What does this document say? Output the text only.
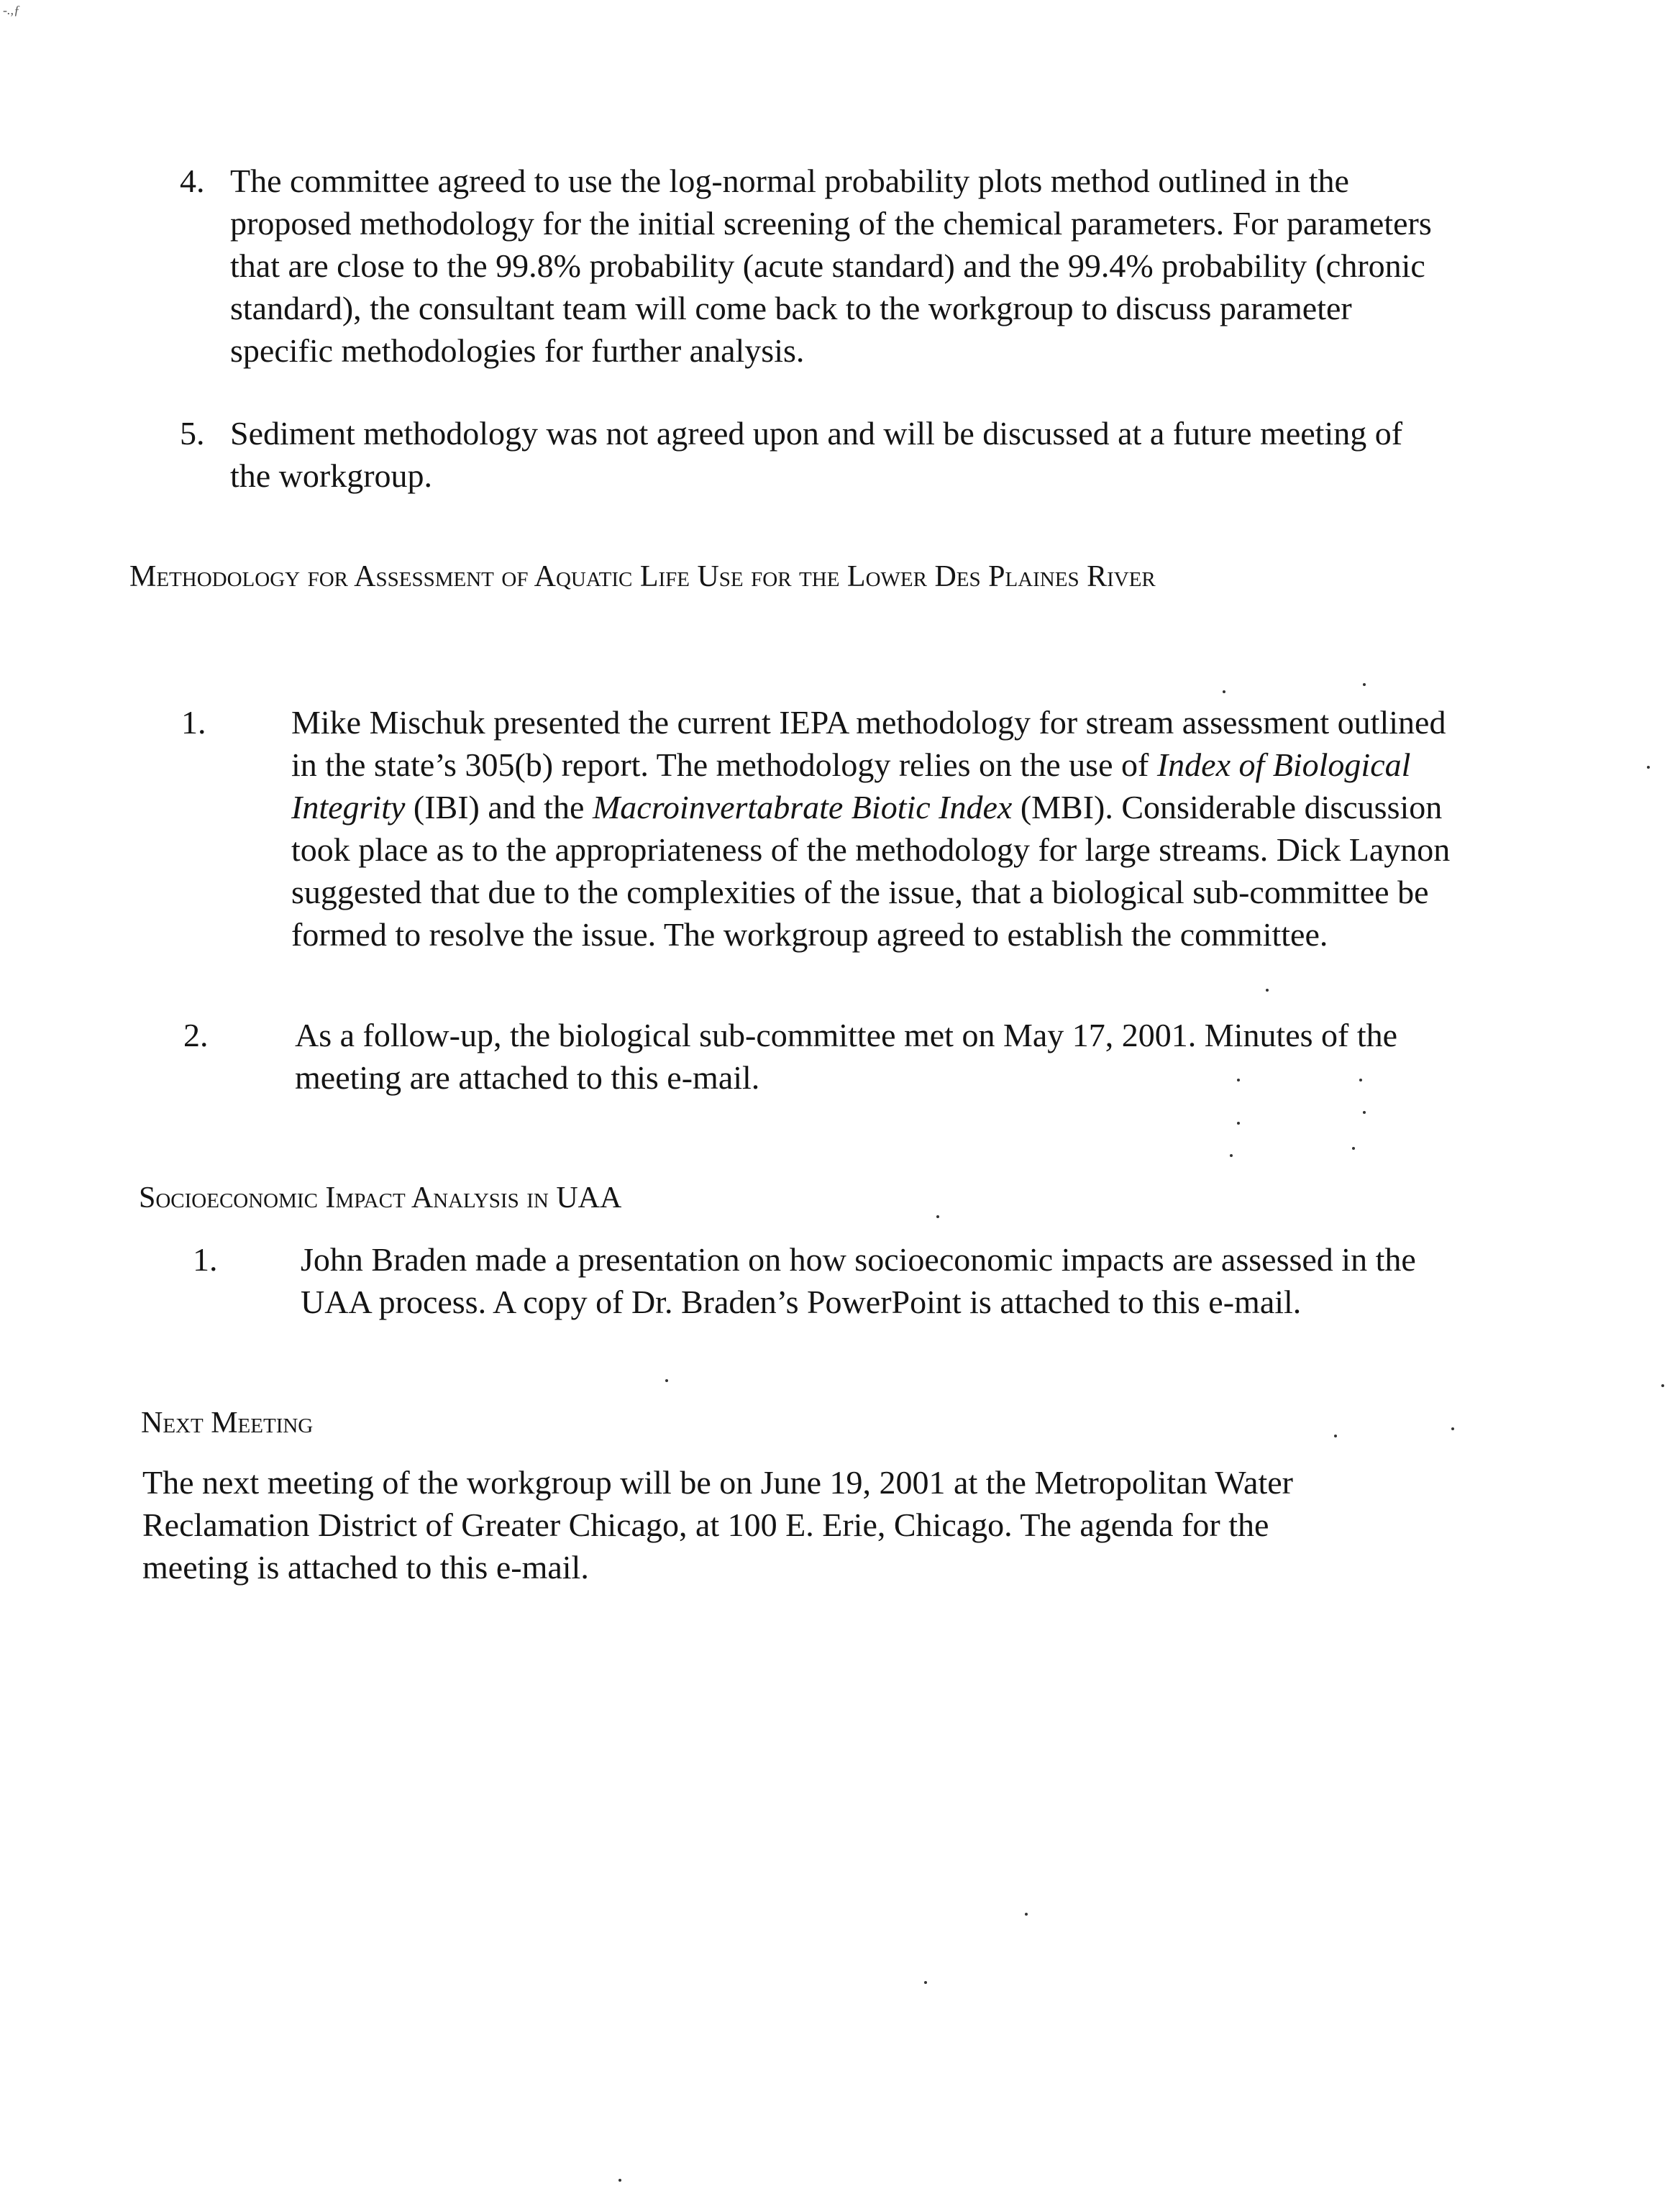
-.,ƒ
4. The committee agreed to use the log-normal probability plots method outlined in the proposed methodology for the initial screening of the chemical parameters. For parameters that are close to the 99.8% probability (acute standard) and the 99.4% probability (chronic standard), the consultant team will come back to the workgroup to discuss parameter specific methodologies for further analysis.
5. Sediment methodology was not agreed upon and will be discussed at a future meeting of the workgroup.
Methodology for Assessment of Aquatic Life Use for the Lower Des Plaines River
1.	Mike Mischuk presented the current IEPA methodology for stream assessment outlined in the state’s 305(b) report. The methodology relies on the use of Index of Biological Integrity (IBI) and the Macroinvertabrate Biotic Index (MBI). Considerable discussion took place as to the appropriateness of the methodology for large streams. Dick Laynon suggested that due to the complexities of the issue, that a biological sub-committee be formed to resolve the issue. The workgroup agreed to establish the committee.
2.	As a follow-up, the biological sub-committee met on May 17, 2001. Minutes of the meeting are attached to this e-mail.
Socioeconomic Impact Analysis in UAA
1.	John Braden made a presentation on how socioeconomic impacts are assessed in the UAA process. A copy of Dr. Braden’s PowerPoint is attached to this e-mail.
Next Meeting
The next meeting of the workgroup will be on June 19, 2001 at the Metropolitan Water Reclamation District of Greater Chicago, at 100 E. Erie, Chicago. The agenda for the meeting is attached to this e-mail.
